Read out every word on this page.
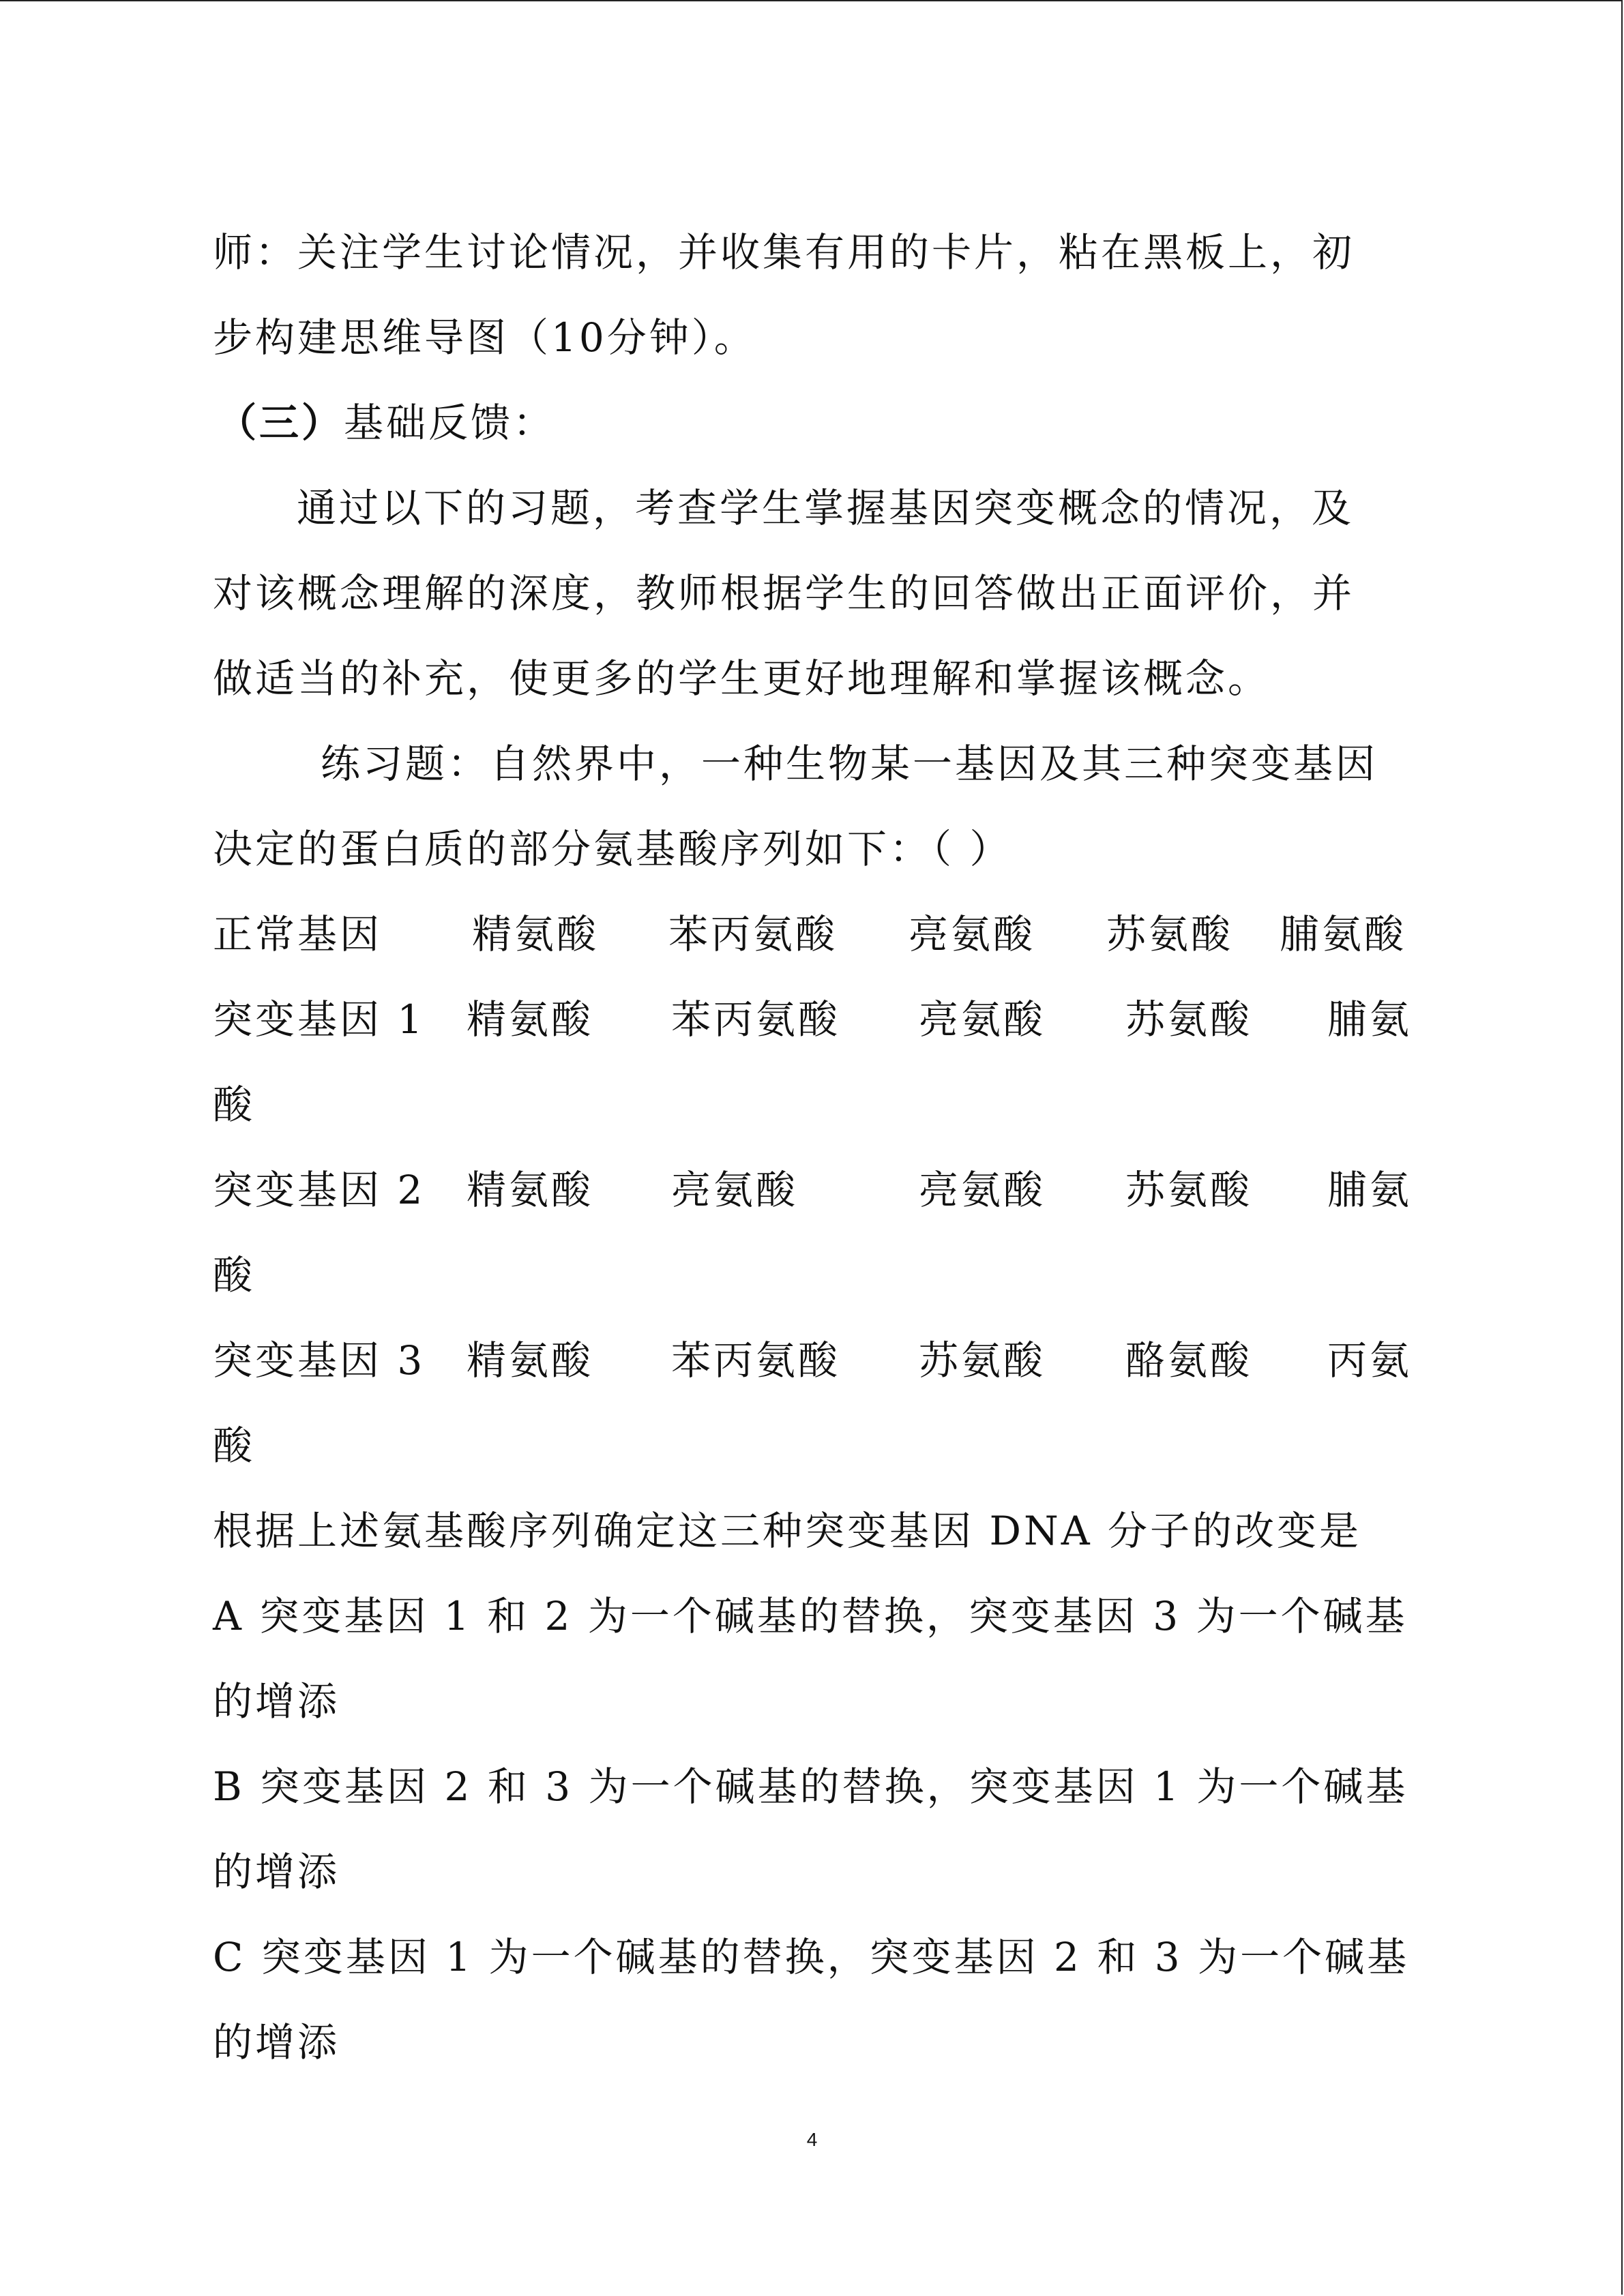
师：关注学生讨论情况，并收集有用的卡片，粘在黑板上，初
步构建思维导图（10分钟）。
（三）基础反馈：
通过以下的习题，考查学生掌握基因突变概念的情况，及
对该概念理解的深度，教师根据学生的回答做出正面评价，并
做适当的补充，使更多的学生更好地理解和掌握该概念。
练习题：自然界中，一种生物某一基因及其三种突变基因
决定的蛋白质的部分氨基酸序列如下：（ ）
正常基因 精氨酸 苯丙氨酸 亮氨酸 苏氨酸 脯氨酸
突变基因 1 精氨酸 苯丙氨酸 亮氨酸 苏氨酸 脯氨
酸
突变基因 2 精氨酸 亮氨酸	亮氨酸 苏氨酸 脯氨
酸
突变基因 3 精氨酸 苯丙氨酸 苏氨酸 酪氨酸 丙氨
酸
根据上述氨基酸序列确定这三种突变基因 DNA 分子的改变是
A 突变基因 1 和 2 为一个碱基的替换，突变基因 3 为一个碱基
的增添
B 突变基因 2 和 3 为一个碱基的替换，突变基因 1 为一个碱基
的增添
C 突变基因 1 为一个碱基的替换，突变基因 2 和 3 为一个碱基
的增添
4
